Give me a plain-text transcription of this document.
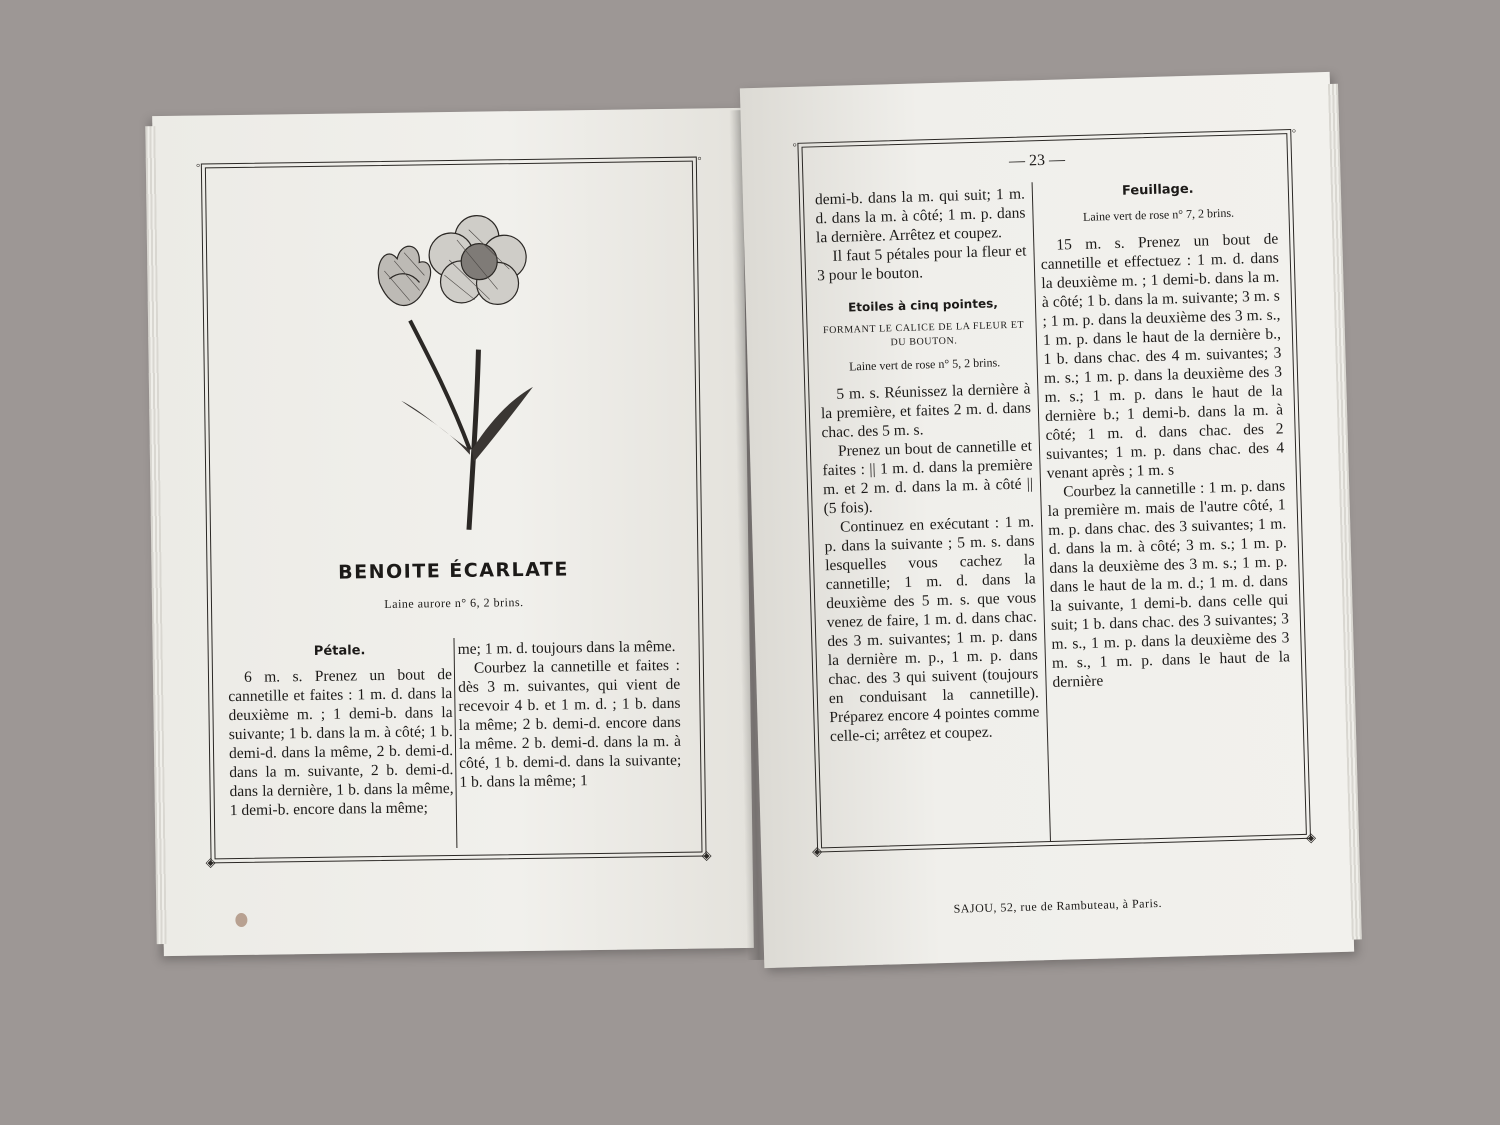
◦	◦
◈	◈
BENOITE ÉCARLATE
Laine aurore n° 6, 2 brins.
Pétale.

6 m. s. Prenez un bout de cannetille et faites : 1 m. d. dans la deuxième m. ; 1 demi-b. dans la suivante; 1 b. dans la m. à côté; 1 b. demi-d. dans la même, 2 b. demi-d. dans la m. suivante, 2 b. demi-d. dans la dernière, 1 b. dans la même, 1 demi-b. encore dans la même;

me; 1 m. d. toujours dans la même.

Courbez la cannetille et faites : dès 3 m. suivantes, qui vient de recevoir 4 b. et 1 m. d. ; 1 b. dans la même; 2 b. demi-d. encore dans la même. 2 b. demi-d. dans la m. à côté, 1 b. demi-d. dans la suivante; 1 b. dans la même; 1

◦
◦
◈
◈
— 23 —

demi-b. dans la m. qui suit; 1 m. d. dans la m. à côté; 1 m. p. dans la dernière. Arrêtez et coupez.

Il faut 5 pétales pour la fleur et 3 pour le bouton.

Etoiles à cinq pointes,
FORMANT LE CALICE DE LA FLEUR ET DU BOUTON.
Laine vert de rose n° 5, 2 brins.

5 m. s. Réunissez la dernière à la première, et faites 2 m. d. dans chac. des 5 m. s.

Prenez un bout de cannetille et faites : || 1 m. d. dans la première m. et 2 m. d. dans la m. à côté || (5 fois).

Continuez en exécutant : 1 m. p. dans la suivante ; 5 m. s. dans lesquelles vous cachez la cannetille; 1 m. d. dans la deuxième des 5 m. s. que vous venez de faire, 1 m. d. dans chac. des 3 m. suivantes; 1 m. p. dans la dernière m. p., 1 m. p. dans chac. des 3 qui suivent (toujours en conduisant la cannetille). Préparez encore 4 pointes comme celle-ci; arrêtez et coupez.

Feuillage.
Laine vert de rose n° 7, 2 brins.

15 m. s. Prenez un bout de cannetille et effectuez : 1 m. d. dans la deuxième m. ; 1 demi-b. dans la m. à côté; 1 b. dans la m. suivante; 3 m. s ; 1 m. p. dans la deuxième des 3 m. s., 1 m. p. dans le haut de la dernière b., 1 b. dans chac. des 4 m. suivantes; 3 m. s.; 1 m. p. dans la deuxième des 3 m. s.; 1 m. p. dans le haut de la dernière b.; 1 demi-b. dans la m. à côté; 1 m. d. dans chac. des 2 suivantes; 1 m. p. dans chac. des 4 venant après ; 1 m. s

Courbez la cannetille : 1 m. p. dans la première m. mais de l'autre côté, 1 m. p. dans chac. des 3 suivantes; 1 m. d. dans la m. à côté; 3 m. s.; 1 m. p. dans la deuxième des 3 m. s.; 1 m. p. dans le haut de la m. d.; 1 m. d. dans la suivante, 1 demi-b. dans celle qui suit; 1 b. dans chac. des 3 suivantes; 3 m. s., 1 m. p. dans la deuxième des 3 m. s., 1 m. p. dans le haut de la dernière

SAJOU, 52, rue de Rambuteau, à Paris.
